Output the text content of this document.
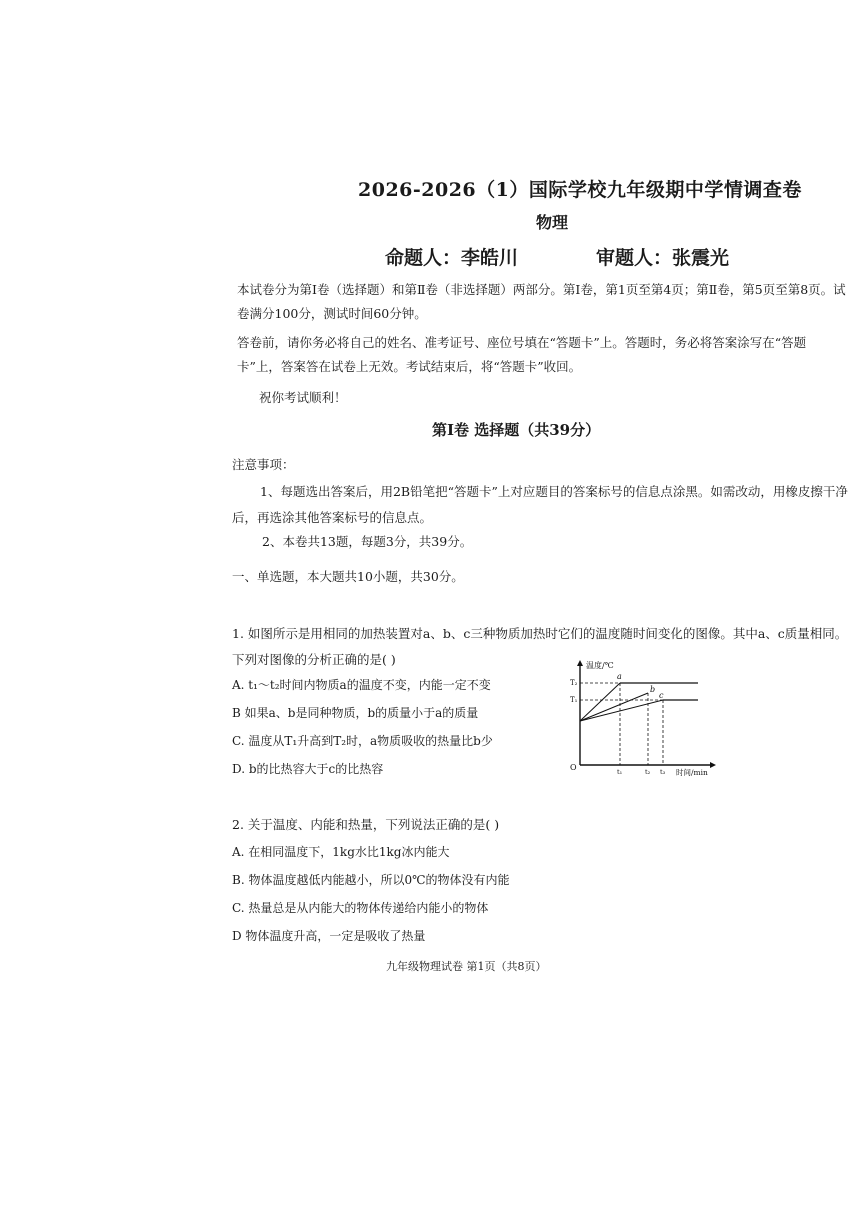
2026-2026（1）国际学校九年级期中学情调查卷
物理
命题人：李皓川	审题人：张震光
本试卷分为第Ⅰ卷（选择题）和第Ⅱ卷（非选择题）两部分。第Ⅰ卷，第1页至第4页；第Ⅱ卷，第5页至第8页。试卷满分100分，测试时间60分钟。
答卷前，请你务必将自己的姓名、准考证号、座位号填在“答题卡”上。答题时，务必将答案涂写在“答题卡”上，答案答在试卷上无效。考试结束后，将“答题卡”收回。
祝你考试顺利！
第Ⅰ卷 选择题（共39分）
注意事项：
1、每题选出答案后，用2B铅笔把“答题卡”上对应题目的答案标号的信息点涂黑。如需改动，用橡皮擦干净后，再选涂其他答案标号的信息点。
2、本卷共13题，每题3分，共39分。
一、单选题，本大题共10小题，共30分。
1. 如图所示是用相同的加热装置对a、b、c三种物质加热时它们的温度随时间变化的图像。其中a、c质量相同。下列对图像的分析正确的是( )
A. t₁～t₂时间内物质a的温度不变，内能一定不变
B 如果a、b是同种物质，b的质量小于a的质量
C. 温度从T₁升高到T₂时，a物质吸收的热量比b少
D. b的比热容大于c的比热容
温度/℃
时间/min
O
T₂
T₁
a
b
c
t₁	t₂ t₃
2. 关于温度、内能和热量，下列说法正确的是( )
A. 在相同温度下，1kg水比1kg冰内能大
B. 物体温度越低内能越小，所以0℃的物体没有内能
C. 热量总是从内能大的物体传递给内能小的物体
D 物体温度升高，一定是吸收了热量
九年级物理试卷 第1页（共8页）
